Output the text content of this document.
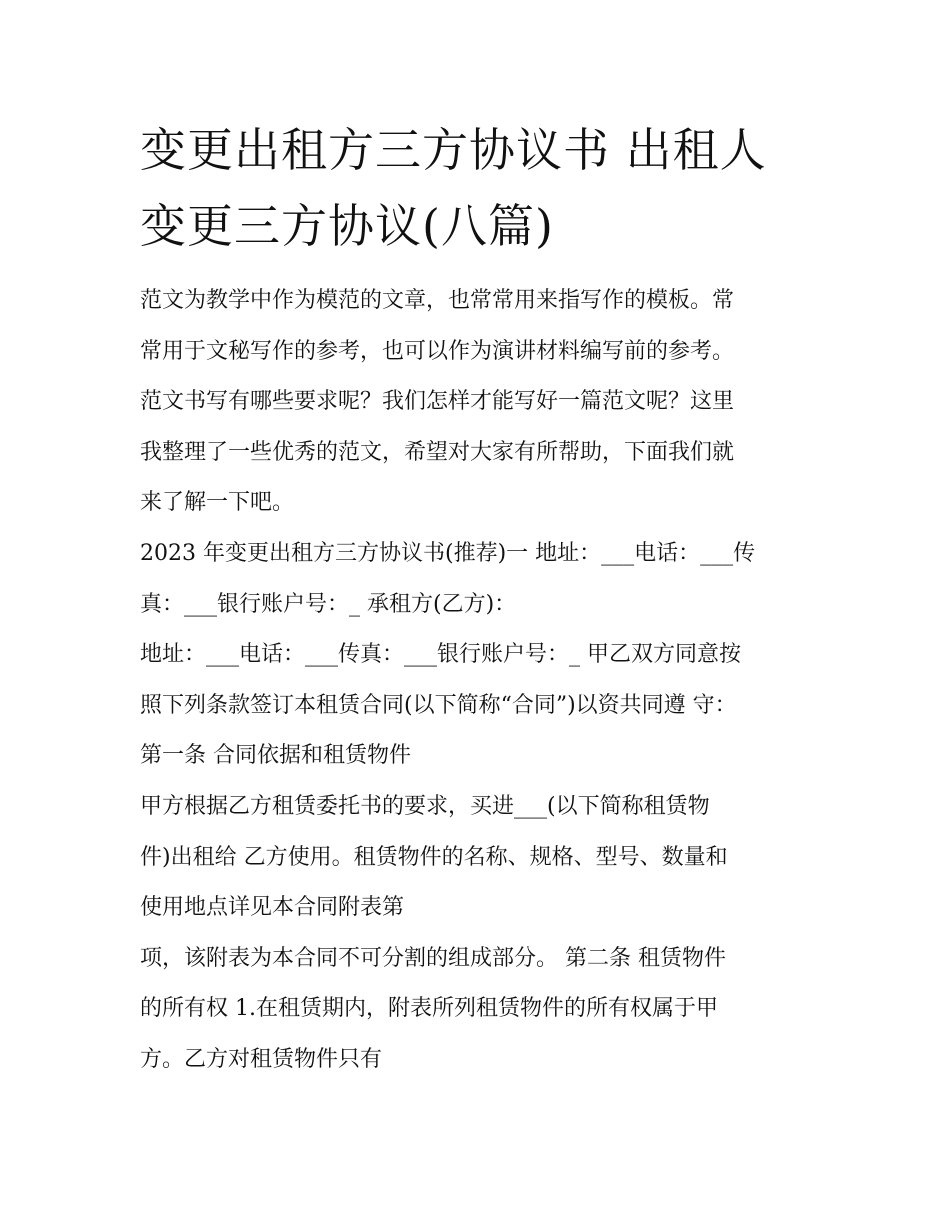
变更出租方三方协议书 出租人
变更三方协议(八篇)

范文为教学中作为模范的文章，也常常用来指写作的模板。常

常用于文秘写作的参考，也可以作为演讲材料编写前的参考。

范文书写有哪些要求呢？我们怎样才能写好一篇范文呢？这里

我整理了一些优秀的范文，希望对大家有所帮助，下面我们就

来了解一下吧。

2023 年变更出租方三方协议书(推荐)一 地址：___电话：___传

真：___银行账户号：_ 承租方(乙方)：

地址：___电话：___传真：___银行账户号：_ 甲乙双方同意按

照下列条款签订本租赁合同(以下简称“合同”)以资共同遵 守：

第一条 合同依据和租赁物件

甲方根据乙方租赁委托书的要求，买进___(以下简称租赁物

件)出租给 乙方使用。租赁物件的名称、规格、型号、数量和

使用地点详见本合同附表第

项，该附表为本合同不可分割的组成部分。 第二条 租赁物件

的所有权 1.在租赁期内，附表所列租赁物件的所有权属于甲

方。乙方对租赁物件只有
